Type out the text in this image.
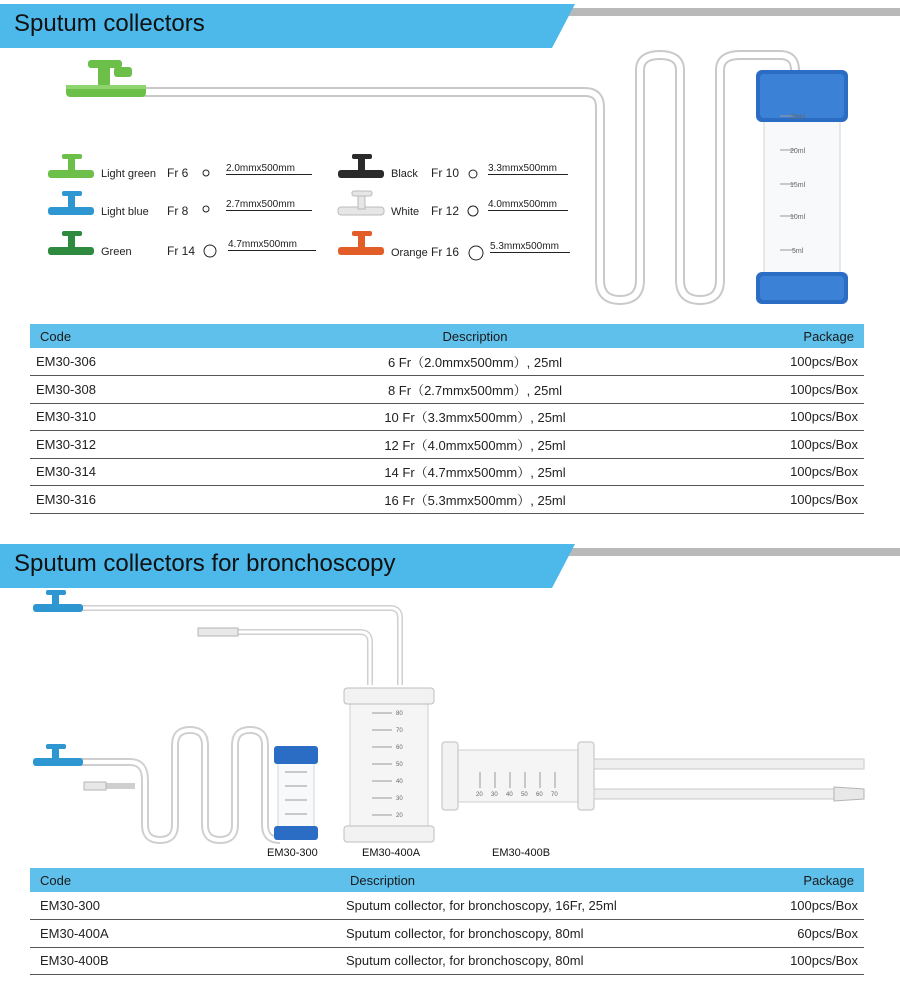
Sputum collectors
25ml
20ml
15ml
10ml
5ml
Light green Fr 6	2.0mmx500mm
Light blue Fr 8	2.7mmx500mm
Green	Fr 14	4.7mmx500mm
Black Fr 10	3.3mmx500mm
White Fr 12	4.0mmx500mm
Orange Fr 16	5.3mmx500mm
Code	Description	Package
EM30-306	6 Fr（2.0mmx500mm）, 25ml	100pcs/Box
EM30-308	8 Fr（2.7mmx500mm）, 25ml	100pcs/Box
EM30-310	10 Fr（3.3mmx500mm）, 25ml	100pcs/Box
EM30-312	12 Fr（4.0mmx500mm）, 25ml	100pcs/Box
EM30-314	14 Fr（4.7mmx500mm）, 25ml	100pcs/Box
EM30-316	16 Fr（5.3mmx500mm）, 25ml	100pcs/Box
Sputum collectors for bronchoscopy
80
70
60
50
40
30
20
20 30 40 50 60 70
EM30-300	EM30-400A	EM30-400B
Code	Description	Package
EM30-300	Sputum collector, for bronchoscopy, 16Fr, 25ml	100pcs/Box
EM30-400A	Sputum collector, for bronchoscopy, 80ml	60pcs/Box
EM30-400B	Sputum collector, for bronchoscopy, 80ml	100pcs/Box
